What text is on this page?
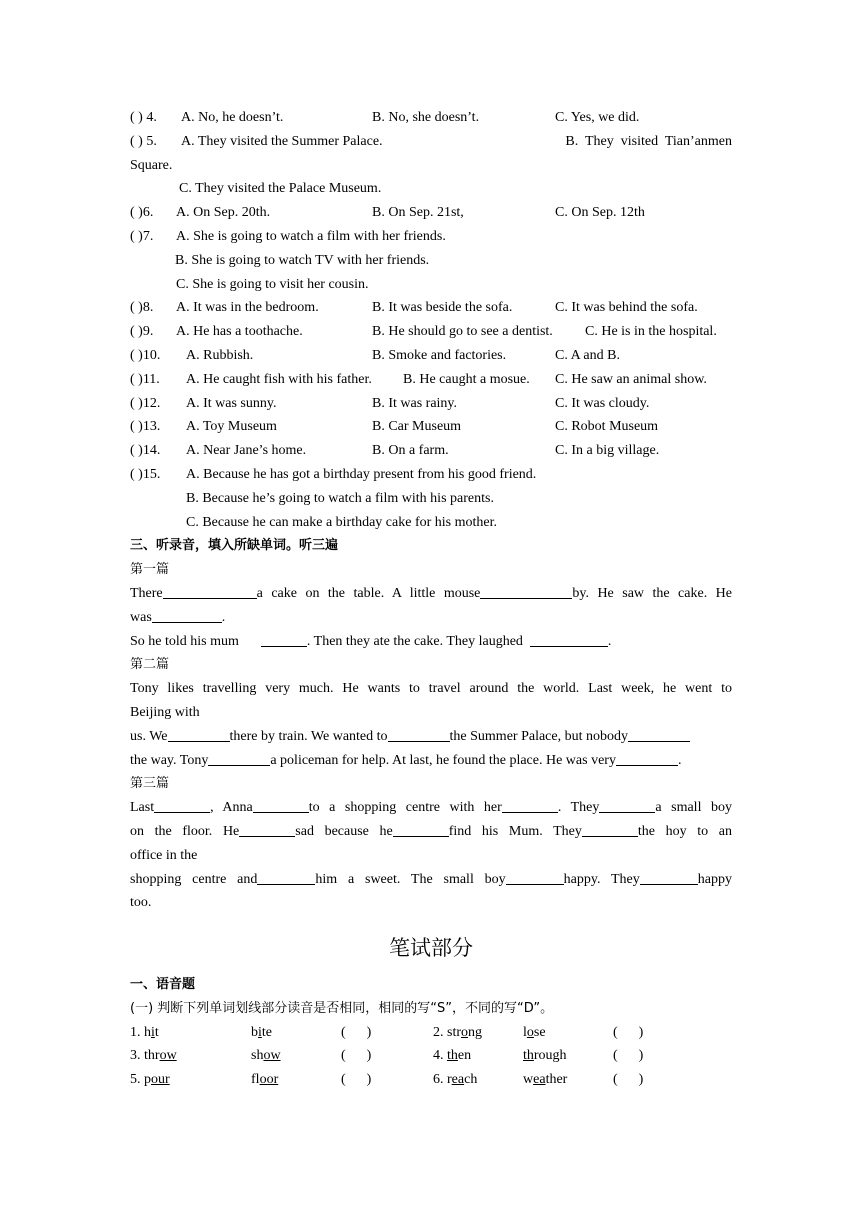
( ) 4. A. No, he doesn’t.	B. No, she doesn’t.	C. Yes, we did.
( ) 5. A. They visited the Summer Palace.	B.  They  visited  Tian’anmen
Square.
C. They visited the Palace Museum.
( )6. A. On Sep. 20th.	B. On Sep. 21st,	C. On Sep. 12th
( )7. A. She is going to watch a film with her friends.
B. She is going to watch TV with her friends.
C. She is going to visit her cousin.
( )8. A. It was in the bedroom.	B. It was beside the sofa.	C. It was behind the sofa.
( )9. A. He has a toothache.	B. He should go to see a dentist. C. He is in the hospital.
( )10. A. Rubbish.	B. Smoke and factories.	C. A and B.
( )11. A. He caught fish with his father. B. He caught a mosue. C. He saw an animal show.
( )12. A. It was sunny.	B. It was rainy.	C. It was cloudy.
( )13. A. Toy Museum	B. Car Museum	C. Robot Museum
( )14. A. Near Jane’s home.	B. On a farm.	C. In a big village.
( )15. A. Because he has got a birthday present from his good friend.
B. Because he’s going to watch a film with his parents.
C. Because he can make a birthday cake for his mother.
三、听录音，填入所缺单词。听三遍
第一篇
There	a cake on the table. A little mouse	by. He saw the cake. He
was	.
So he told his mum	. Then they ate the cake. They laughed	.
第二篇
Tony likes travelling very much. He wants to travel around the world. Last week, he went to
Beijing with
us. We	there by train. We wanted to	the Summer Palace, but nobody
the way. Tony	a policeman for help. At last, he found the place. He was very	.
第三篇
Last	, Anna	to a shopping centre with her	. They	a small boy
on the floor. He	sad because he	find his Mum. They	the hoy to an
office in the
shopping centre and	him a sweet. The small boy	happy. They	happy
too.
笔试部分
一、语音题
(一) 判断下列单词划线部分读音是否相同，相同的写“S”，不同的写“D”。
1. hit	bite	(      )	2. strong	lose	(      )
3. throw	show	(      )	4. then	through	(      )
5. pour	floor	(      )	6. reach	weather	(      )
